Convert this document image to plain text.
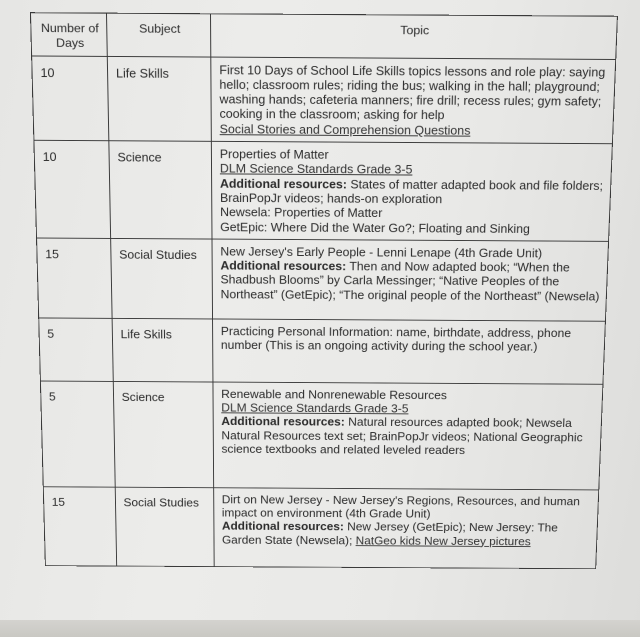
Number of Days	Subject	Topic
10	Life Skills	First 10 Days of School Life Skills topics lessons and role play: saying hello; classroom rules; riding the bus; walking in the hall; playground; washing hands; cafeteria manners; fire drill; recess rules; gym safety; cooking in the classroom; asking for help
Social Stories and Comprehension Questions

10	Science	Properties of Matter
DLM Science Standards Grade 3-5
Additional resources: States of matter adapted book and file folders; BrainPopJr videos; hands-on exploration
Newsela: Properties of Matter
GetEpic: Where Did the Water Go?; Floating and Sinking

15	Social Studies	New Jersey's Early People - Lenni Lenape (4th Grade Unit)
Additional resources: Then and Now adapted book; “When the Shadbush Blooms” by Carla Messinger; “Native Peoples of the Northeast” (GetEpic); “The original people of the Northeast” (Newsela)

5	Life Skills	Practicing Personal Information: name, birthdate, address, phone number (This is an ongoing activity during the school year.)

5	Science	Renewable and Nonrenewable Resources
DLM Science Standards Grade 3-5
Additional resources: Natural resources adapted book; Newsela Natural Resources text set; BrainPopJr videos; National Geographic science textbooks and related leveled readers

15	Social Studies	Dirt on New Jersey - New Jersey's Regions, Resources, and human impact on environment (4th Grade Unit)
Additional resources: New Jersey (GetEpic); New Jersey: The Garden State (Newsela); NatGeo kids New Jersey pictures
